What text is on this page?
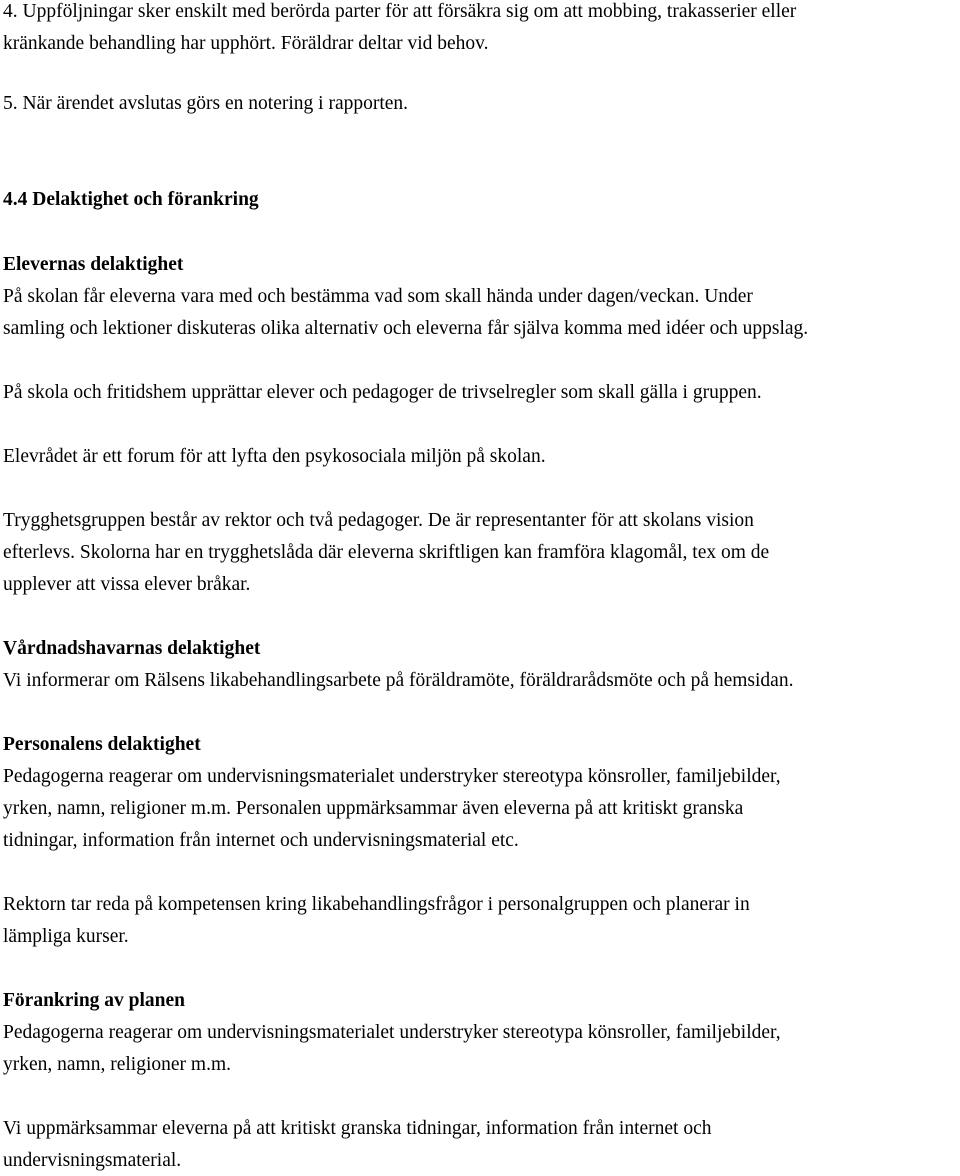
4. Uppföljningar sker enskilt med berörda parter för att försäkra sig om att mobbing, trakasserier eller

kränkande behandling har upphört. Föräldrar deltar vid behov.

5. När ärendet avslutas görs en notering i rapporten.

4.4 Delaktighet och förankring

Elevernas delaktighet

På skolan får eleverna vara med och bestämma vad som skall hända under dagen/veckan. Under

samling och lektioner diskuteras olika alternativ och eleverna får själva komma med idéer och uppslag.

På skola och fritidshem upprättar elever och pedagoger de trivselregler som skall gälla i gruppen.

Elevrådet är ett forum för att lyfta den psykosociala miljön på skolan.

Trygghetsgruppen består av rektor och två pedagoger. De är representanter för att skolans vision

efterlevs. Skolorna har en trygghetslåda där eleverna skriftligen kan framföra klagomål, tex om de

upplever att vissa elever bråkar.

Vårdnadshavarnas delaktighet

Vi informerar om Rälsens likabehandlingsarbete på föräldramöte, föräldrarådsmöte och på hemsidan.

Personalens delaktighet

Pedagogerna reagerar om undervisningsmaterialet understryker stereotypa könsroller, familjebilder,

yrken, namn, religioner m.m. Personalen uppmärksammar även eleverna på att kritiskt granska

tidningar, information från internet och undervisningsmaterial etc.

Rektorn tar reda på kompetensen kring likabehandlingsfrågor i personalgruppen och planerar in

lämpliga kurser.

Förankring av planen

Pedagogerna reagerar om undervisningsmaterialet understryker stereotypa könsroller, familjebilder,

yrken, namn, religioner m.m.

Vi uppmärksammar eleverna på att kritiskt granska tidningar, information från internet och

undervisningsmaterial.
